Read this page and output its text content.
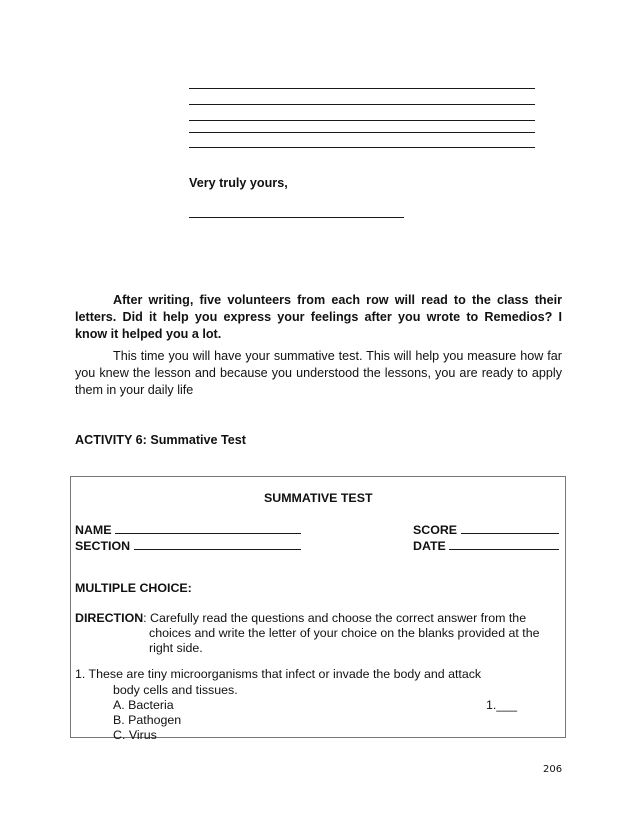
Very truly yours,
After writing, five volunteers from each row will read to the class their letters. Did it help you express your feelings after you wrote to Remedios? I know it helped you a lot.
This time you will have your summative test. This will help you measure how far you knew the lesson and because you understood the lessons, you are ready to apply them in your daily life
ACTIVITY 6: Summative Test
SUMMATIVE TEST
NAME	SCORE
SECTION	DATE
MULTIPLE CHOICE:
DIRECTION: Carefully read the questions and choose the correct answer from the
choices and write the letter of your choice on the blanks provided at the
right side.
1. These are tiny microorganisms that infect or invade the body and attack
body cells and tissues.
A. Bacteria	1.___
B. Pathogen
C. Virus
206
